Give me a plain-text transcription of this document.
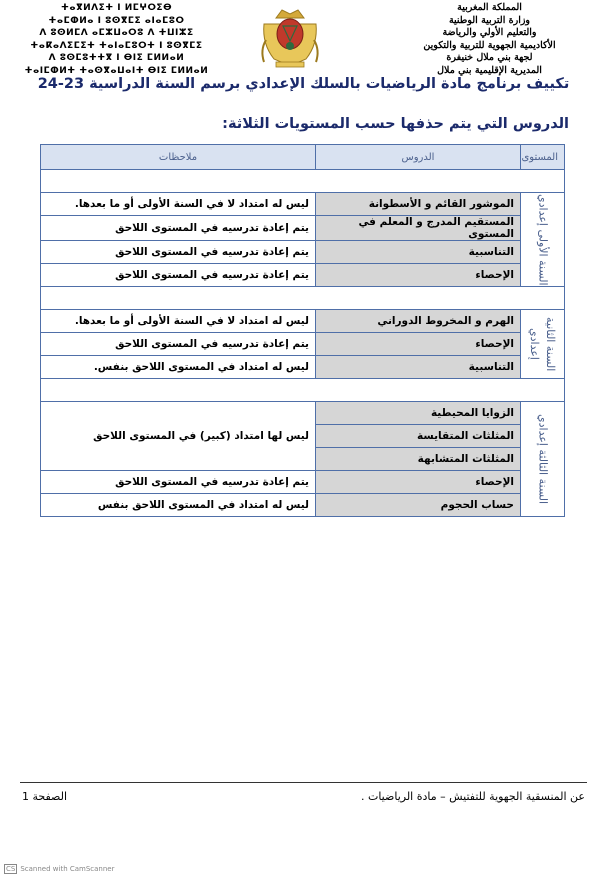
المملكة المغربية
وزارة التربية الوطنية
والتعليم الأولي والرياضة
الأكاديمية الجهوية للتربية والتكوين
لجهة بني ملال خنيفرة
المديرية الإقليمية بني ملال
ⵜⴰⴳⵍⴷⵉⵜ ⵏ ⵍⵎⵖⵔⵉⴱ
ⵜⴰⵎⵀⵍⴰ ⵏ ⵓⵙⴳⵎⵉ ⴰⵏⴰⵎⵓⵔ
ⴷ ⵓⵙⵍⵎⴷ ⴰⵎⵣⵡⴰⵔⵓ ⴷ ⵜⵡⵏⵣⵉ
ⵜⴰⴽⴰⴷⵉⵎⵉⵜ ⵜⴰⵏⴰⵎⵓⵔⵜ ⵏ ⵓⵙⴳⵎⵉ
ⴷ ⵓⵙⵎⵓⵜⵜⴳ ⵏ ⴱⵏⵉ ⵎⵍⵍⴰⵍ
ⵜⴰⵏⵎⵀⵍⵜ ⵜⴰⵙⴳⴰⵡⴰⵏⵜ ⴱⵏⵉ ⵎⵍⵍⴰⵍ
تكييف برنامج مادة الرياضيات بالسلك الإعدادي برسم السنة الدراسية 23-24
الدروس التي يتم حذفها حسب المستويات الثلاثة:
المستوى	الدروس	ملاحظات

السنة الأولى إعدادي	الموشور القائم و الأسطوانة	ليس له امتداد لا في السنة الأولى أو ما بعدها.
	المستقيم المدرج و المعلم في المستوى	يتم إعادة تدرسيه في المستوى اللاحق
	التناسبية	يتم إعادة تدرسيه في المستوى اللاحق
	الإحصاء	يتم إعادة تدرسيه في المستوى اللاحق

السنة الثانية إعدادي	الهرم و المخروط الدوراني	ليس له امتداد لا في السنة الأولى أو ما بعدها.
	الإحصاء	يتم إعادة تدرسيه في المستوى اللاحق
	التناسبية	ليس له امتداد في المستوى اللاحق بنفس.

السنة الثالثة إعدادي	الزوايا المحيطية	ليس لها امتداد (كبير) في المستوى اللاحق
	المثلثات المتقايسة	
	المثلثات المتشابهة	
	الإحصاء	يتم إعادة تدرسيه في المستوى اللاحق
	حساب الحجوم	ليس له امتداد في المستوى اللاحق بنفس
عن المنسقية الجهوية للتفتيش – مادة الرياضيات .
الصفحة 1
CS Scanned with CamScanner
